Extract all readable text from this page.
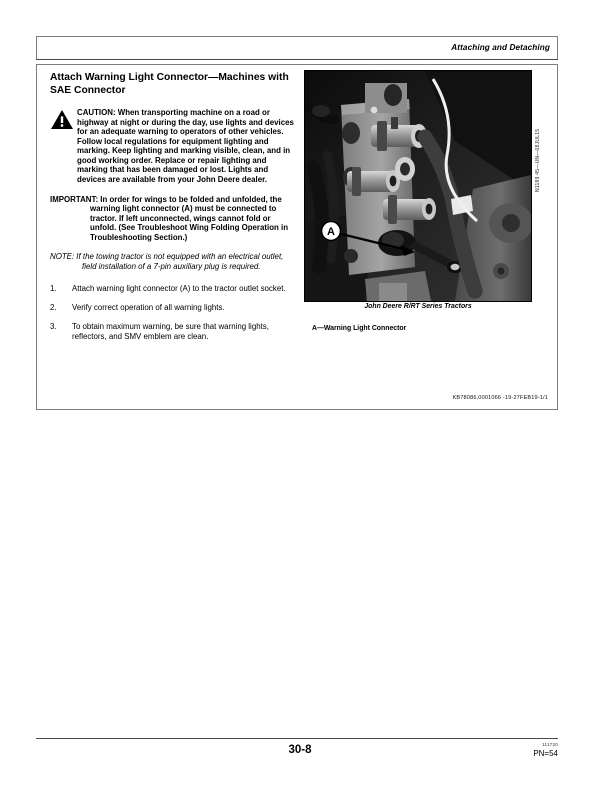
Attaching and Detaching
Attach Warning Light Connector—Machines with SAE Connector
CAUTION: When transporting machine on a road or highway at night or during the day, use lights and devices for an adequate warning to operators of other vehicles. Follow local regulations for equipment lighting and marking. Keep lighting and marking visible, clean, and in good working order. Replace or repair lighting and marking that has been damaged or lost. Lights and devices are available from your John Deere dealer.
IMPORTANT: In order for wings to be folded and unfolded, the warning light connector (A) must be connected to tractor. If left unconnected, wings cannot fold or unfold. (See Troubleshoot Wing Folding Operation in Troubleshooting Section.)
NOTE: If the towing tractor is not equipped with an electrical outlet, field installation of a 7-pin auxiliary plug is required.
1.	Attach warning light connector (A) to the tractor outlet socket.
2.	Verify correct operation of all warning lights.
3.	To obtain maximum warning, be sure that warning lights, reflectors, and SMV emblem are clean.
A
N1189 45—UN—08JUL15
John Deere R/RT Series Tractors
A—Warning Light Connector
KB78086,0001066 -19-27FEB19-1/1
30-8	111720
PN=54
